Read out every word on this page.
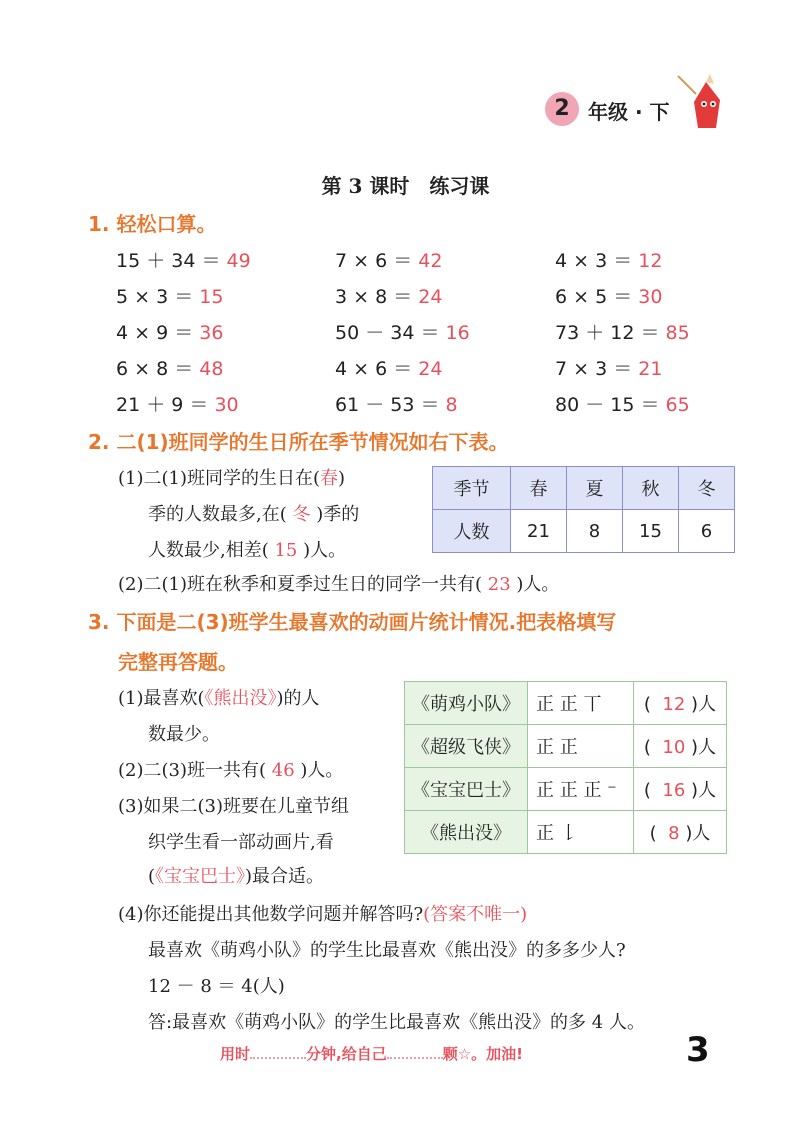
2 年级 · 下
第 3 课时　练习课
1. 轻松口算。
15 ＋ 34 ＝ 49	7 × 6 ＝ 42	4 × 3 ＝ 12
5 × 3 ＝ 15	3 × 8 ＝ 24	6 × 5 ＝ 30
4 × 9 ＝ 36	50 － 34 ＝ 16	73 ＋ 12 ＝ 85
6 × 8 ＝ 48	4 × 6 ＝ 24	7 × 3 ＝ 21
21 ＋ 9 ＝ 30	61 － 53 ＝ 8	80 － 15 ＝ 65
2. 二(1)班同学的生日所在季节情况如右下表。
(1)二(1)班同学的生日在(春)
季的人数最多,在( 冬 )季的
人数最少,相差( 15 )人。
季节	春	夏	秋	冬
人数	21	8	15	6
(2)二(1)班在秋季和夏季过生日的同学一共有( 23 )人。
3. 下面是二(3)班学生最喜欢的动画片统计情况.把表格填写
完整再答题。
(1)最喜欢(《熊出没》)的人
数最少。
(2)二(3)班一共有( 46 )人。
(3)如果二(3)班要在儿童节组
织学生看一部动画片,看
(《宝宝巴士》)最合适。
《萌鸡小队》	正 正 丅	( 12 )人
《超级飞侠》	正 正	( 10 )人
《宝宝巴士》	正 正 正 ⁻	( 16 )人
《熊出没》	正 𠄌	( 8 )人
(4)你还能提出其他数学问题并解答吗?(答案不唯一)
最喜欢《萌鸡小队》的学生比最喜欢《熊出没》的多多少人?
12 － 8 ＝ 4(人)
答:最喜欢《萌鸡小队》的学生比最喜欢《熊出没》的多 4 人。
用时	分钟,给自己	颗☆。加油!	3
